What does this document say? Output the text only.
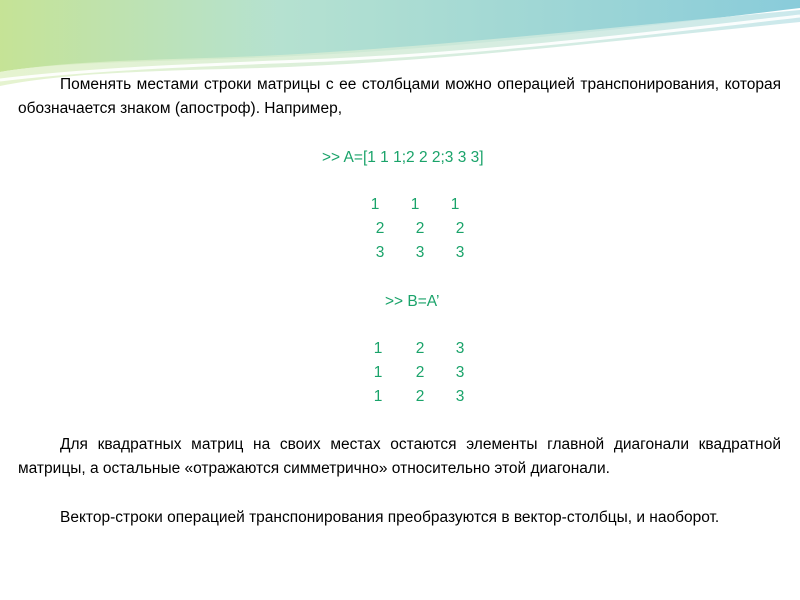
Поменять местами строки матрицы с ее столбцами можно операцией транспонирования, которая обозначается знаком (апостроф). Например,

>> A=[1 1 1;2 2 2;3 3 3]
1 1 1
2 2 2
3 3 3
>> B=A’
1 2 3
1 2 3
1 2 3

Для квадратных матриц на своих местах остаются элементы главной диагонали квадратной матрицы, а остальные «отражаются симметрично» относительно этой диагонали.

Вектор-строки операцией транспонирования преобразуются в вектор-столбцы, и наоборот.
